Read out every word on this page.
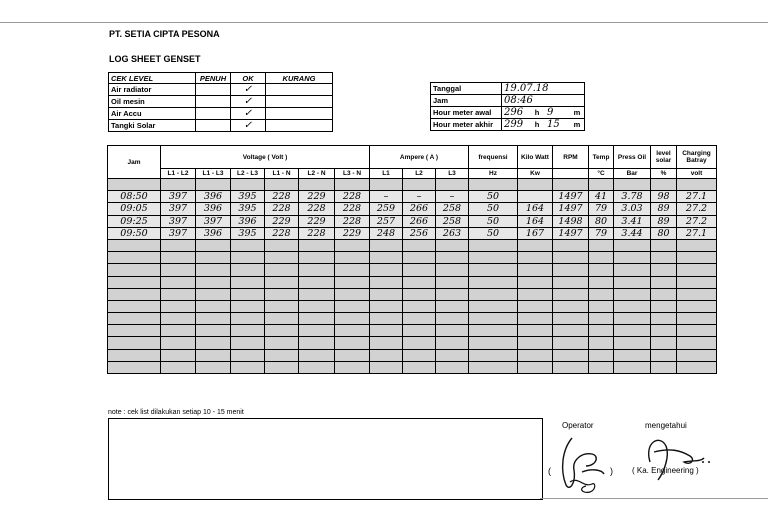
PT. SETIA CIPTA PESONA
LOG SHEET GENSET
CEK LEVEL	PENUH	OK	KURANG
Air radiator		✓	
Oil mesin		✓	
Air Accu		✓	
Tangki Solar		✓	
Tanggal	19.07.18			
Jam	08:46			
Hour meter awal	296	h	9	m
Hour meter akhir	299	h	15	m
Jam	Voltage ( Volt )						Ampere ( A )			frequensi	Kilo Watt	RPM	Temp	Press Oil	level solar	Charging Batray
	L1 - L2	L1 - L3	L2 - L3	L1 - N	L2 - N	L3 - N	L1	L2	L3	Hz	Kw		°C	Bar	%	volt

08:50	397	396	395	228	229	228	–	–	–	50		1497	41	3.78	98	27.1
09:05	397	396	395	228	228	228	259	266	258	50	164	1497	79	3.03	89	27.2
09:25	397	397	396	229	229	228	257	266	258	50	164	1498	80	3.41	89	27.2
09:50	397	396	395	228	228	229	248	256	263	50	167	1497	79	3.44	80	27.1

note : cek list dilakukan setiap 10 - 15 menit
Operator	mengetahui
(	) ( Ka. Engineering )
